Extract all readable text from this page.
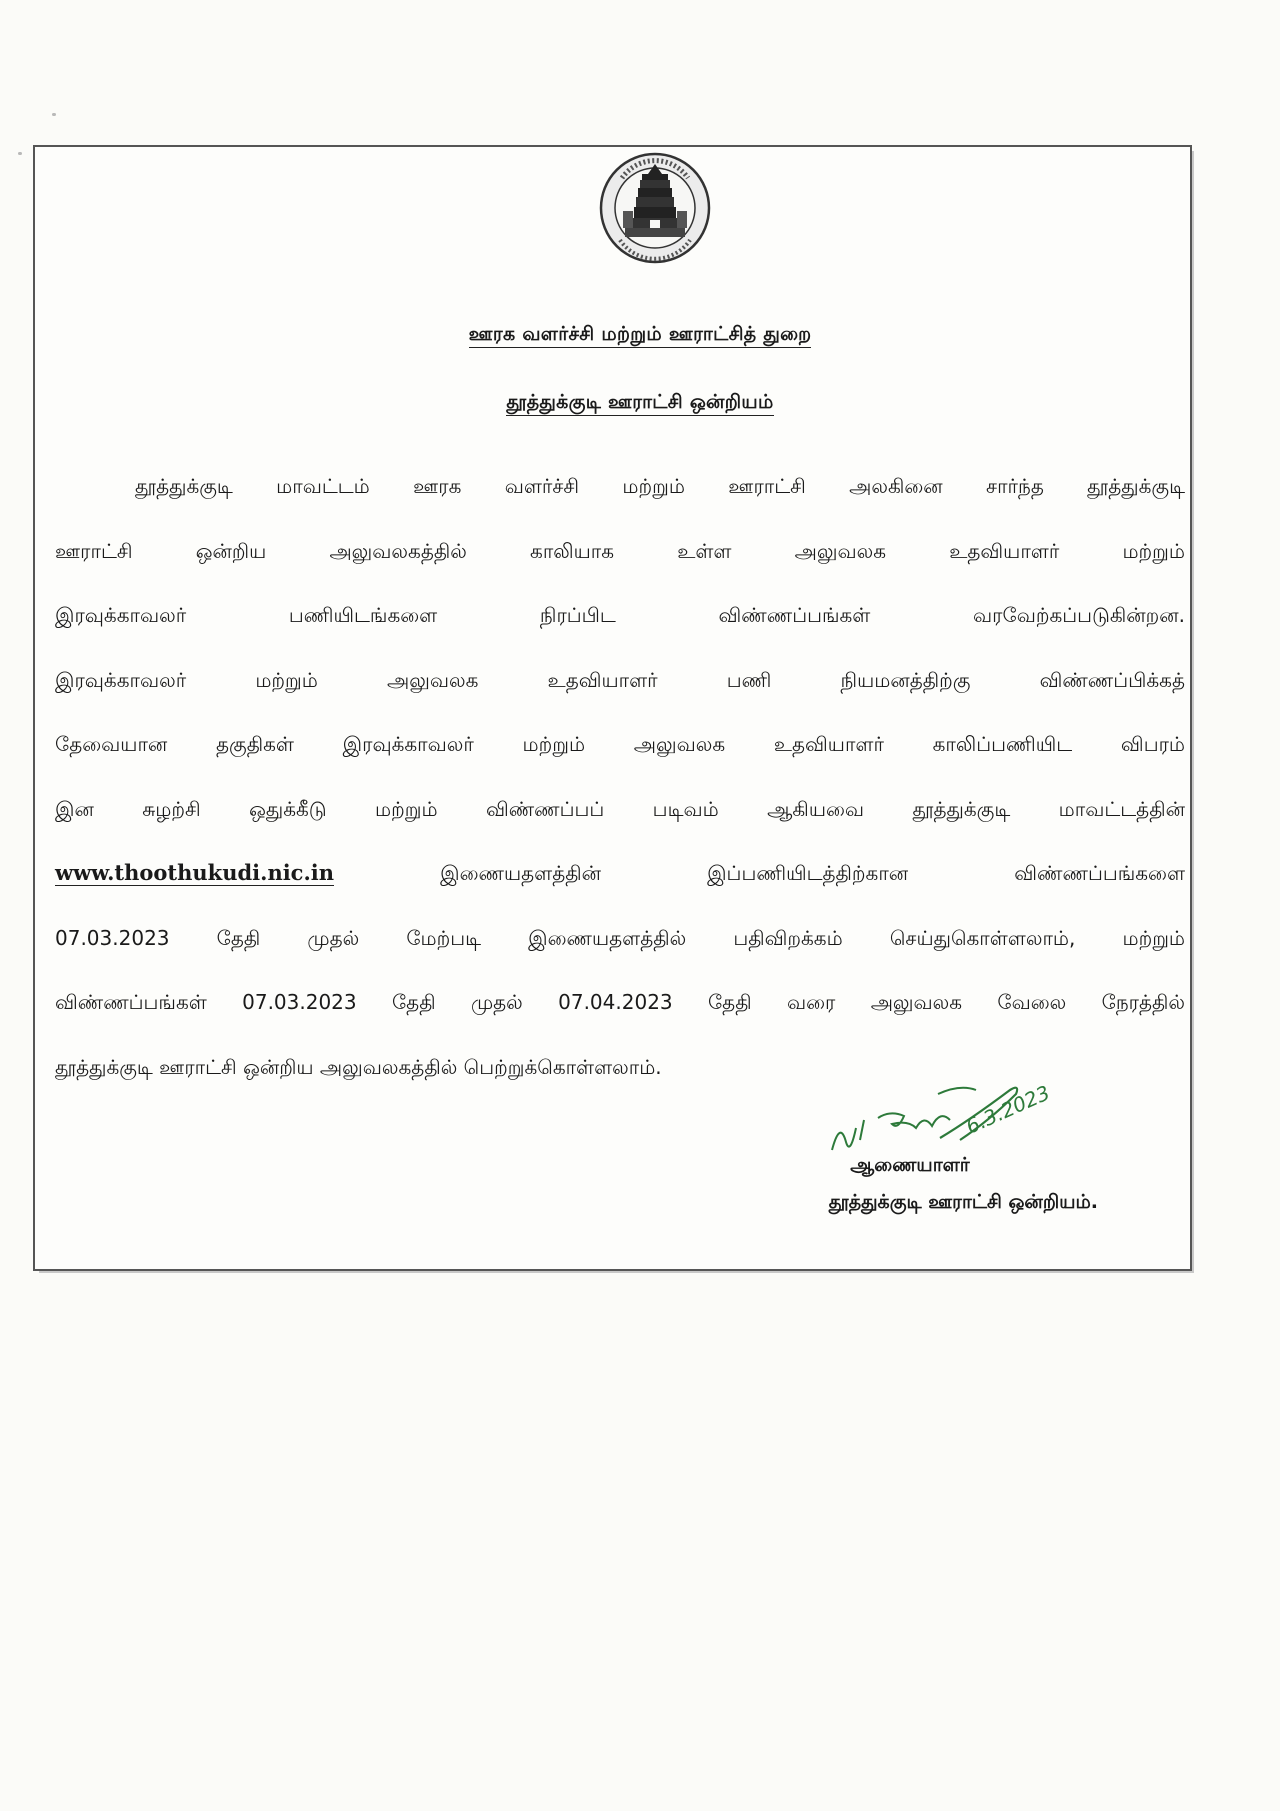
ஊரக வளர்ச்சி மற்றும் ஊராட்சித் துறை
தூத்துக்குடி ஊராட்சி ஒன்றியம்
தூத்துக்குடி மாவட்டம் ஊரக வளர்ச்சி மற்றும் ஊராட்சி அலகினை சார்ந்த தூத்துக்குடி
ஊராட்சி ஒன்றிய அலுவலகத்தில் காலியாக உள்ள அலுவலக உதவியாளர் மற்றும்
இரவுக்காவலர் பணியிடங்களை நிரப்பிட விண்ணப்பங்கள் வரவேற்கப்படுகின்றன.
இரவுக்காவலர் மற்றும் அலுவலக உதவியாளர் பணி நியமனத்திற்கு விண்ணப்பிக்கத்
தேவையான தகுதிகள் இரவுக்காவலர் மற்றும் அலுவலக உதவியாளர் காலிப்பணியிட விபரம்
இன சுழற்சி ஒதுக்கீடு மற்றும் விண்ணப்பப் படிவம் ஆகியவை தூத்துக்குடி மாவட்டத்தின்
www.thoothukudi.nic.in	இணையதளத்தின் இப்பணியிடத்திற்கான விண்ணப்பங்களை
07.03.2023 தேதி முதல் மேற்படி இணையதளத்தில் பதிவிறக்கம் செய்துகொள்ளலாம், மற்றும்
விண்ணப்பங்கள் 07.03.2023 தேதி முதல் 07.04.2023 தேதி வரை அலுவலக வேலை நேரத்தில்
தூத்துக்குடி ஊராட்சி ஒன்றிய அலுவலகத்தில் பெற்றுக்கொள்ளலாம்.
6.3.2023
ஆணையாளர்
தூத்துக்குடி ஊராட்சி ஒன்றியம்.
